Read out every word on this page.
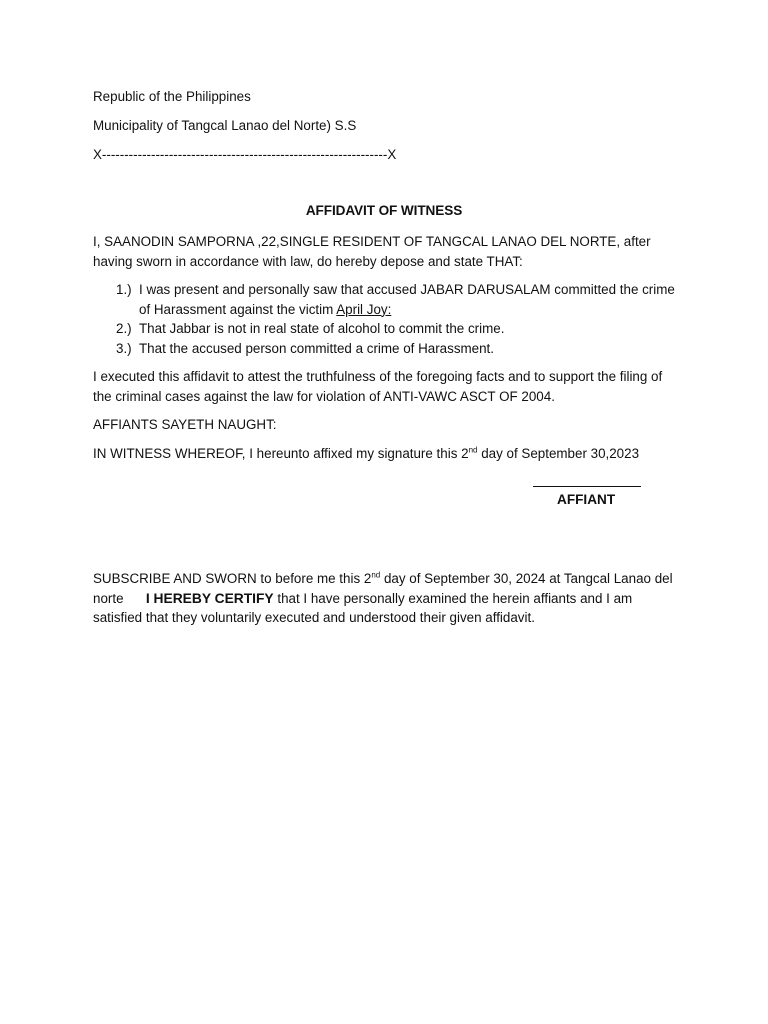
Republic of the Philippines
Municipality of Tangcal Lanao del Norte) S.S
X----------------------------------------------------------------X
AFFIDAVIT OF WITNESS
I, SAANODIN SAMPORNA ,22,SINGLE RESIDENT OF TANGCAL LANAO DEL NORTE, after having sworn in accordance with law, do hereby depose and state THAT:
1.) I was present and personally saw that accused JABAR DARUSALAM committed the crime of Harassment against the victim April Joy:
2.) That Jabbar is not in real state of alcohol to commit the crime.
3.) That the accused person committed a crime of Harassment.
I executed this affidavit to attest the truthfulness of the foregoing facts and to support the filing of the criminal cases against the law for violation of ANTI-VAWC ASCT OF 2004.
AFFIANTS SAYETH NAUGHT:
IN WITNESS WHEREOF, I hereunto affixed my signature this 2nd day of September 30,2023
AFFIANT
SUBSCRIBE AND SWORN to before me this 2nd day of September 30, 2024 at Tangcal Lanao del norte      I HEREBY CERTIFY that I have personally examined the herein affiants and I am satisfied that they voluntarily executed and understood their given affidavit.
